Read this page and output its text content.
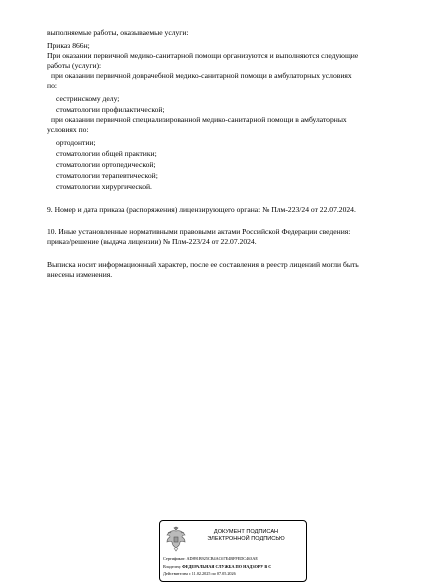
выполняемые работы, оказываемые услуги:
Приказ 866н;
При оказании первичной медико-санитарной помощи организуются и выполняются следующие
работы (услуги):
при оказании первичной доврачебной медико-санитарной помощи в амбулаторных условиях
по:
сестринскому делу;
стоматологии профилактической;
при оказании первичной специализированной медико-санитарной помощи в амбулаторных
условиях по:
ортодонтии;
стоматологии общей практики;
стоматологии ортопедической;
стоматологии терапевтической;
стоматологии хирургической.
9. Номер и дата приказа (распоряжения) лицензирующего органа: № Плм-223/24 от 22.07.2024.
10. Иные установленные нормативными правовыми актами Российской Федерации сведения:
приказ/решение (выдача лицензии) № Плм-223/24 от 22.07.2024.
Выписка носит информационный характер, после ее составления в реестр лицензий могли быть
внесены изменения.
ДОКУМЕНТ ПОДПИСАН
ЭЛЕКТРОННОЙ ПОДПИСЬЮ
Сертификат: AD891B925CB4AC67E4BFFEDC463AE
Владелец: ФЕДЕРАЛЬНАЯ СЛУЖБА ПО НАДЗОРУ В С
Действителен с 11.02.2025 по 07.05.2026
